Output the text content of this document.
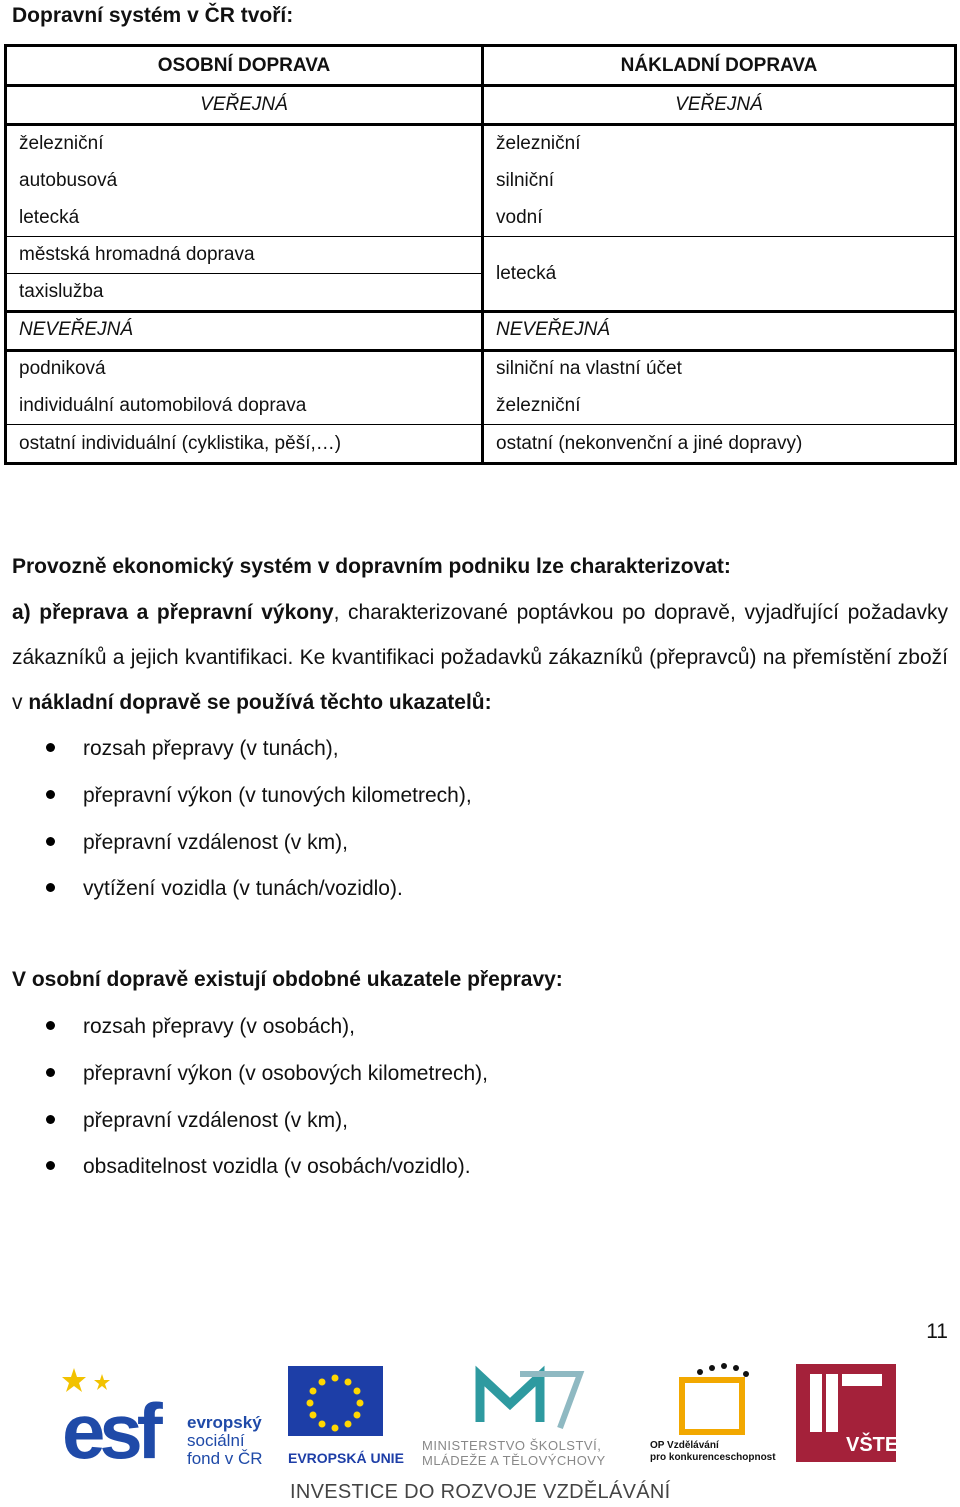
Dopravní systém v ČR tvoří:
OSOBNÍ DOPRAVA
VEŘEJNÁ
železniční
autobusová
letecká
městská hromadná doprava
taxislužba
NEVEŘEJNÁ
podniková
individuální automobilová doprava
ostatní individuální (cyklistika, pěší,…)
NÁKLADNÍ DOPRAVA
VEŘEJNÁ
železniční
silniční
vodní
letecká
NEVEŘEJNÁ
silniční na vlastní účet
železniční
ostatní (nekonvenční a jiné dopravy)
Provozně ekonomický systém v dopravním podniku lze charakterizovat:
a) přeprava a přepravní výkony, charakterizované poptávkou po dopravě, vyjadřující požadavky zákazníků a jejich kvantifikaci. Ke kvantifikaci požadavků zákazníků (přepravců) na přemístění zboží v nákladní dopravě se používá těchto ukazatelů:
rozsah přepravy (v tunách),
přepravní výkon (v tunových kilometrech),
přepravní vzdálenost (v km),
vytížení vozidla (v tunách/vozidlo).
V osobní dopravě existují obdobné ukazatele přepravy:
rozsah přepravy (v osobách),
přepravní výkon (v osobových kilometrech),
přepravní vzdálenost (v km),
obsaditelnost vozidla (v osobách/vozidlo).
11
esf evropský
sociální
fond v ČR	EVROPSKÁ UNIE
MINISTERSTVO ŠKOLSTVÍ,
MLÁDEŽE A TĚLOVÝCHOVY
OP Vzdělávání
pro konkurenceschopnost
VŠTE
INVESTICE DO ROZVOJE VZDĚLÁVÁNÍ
